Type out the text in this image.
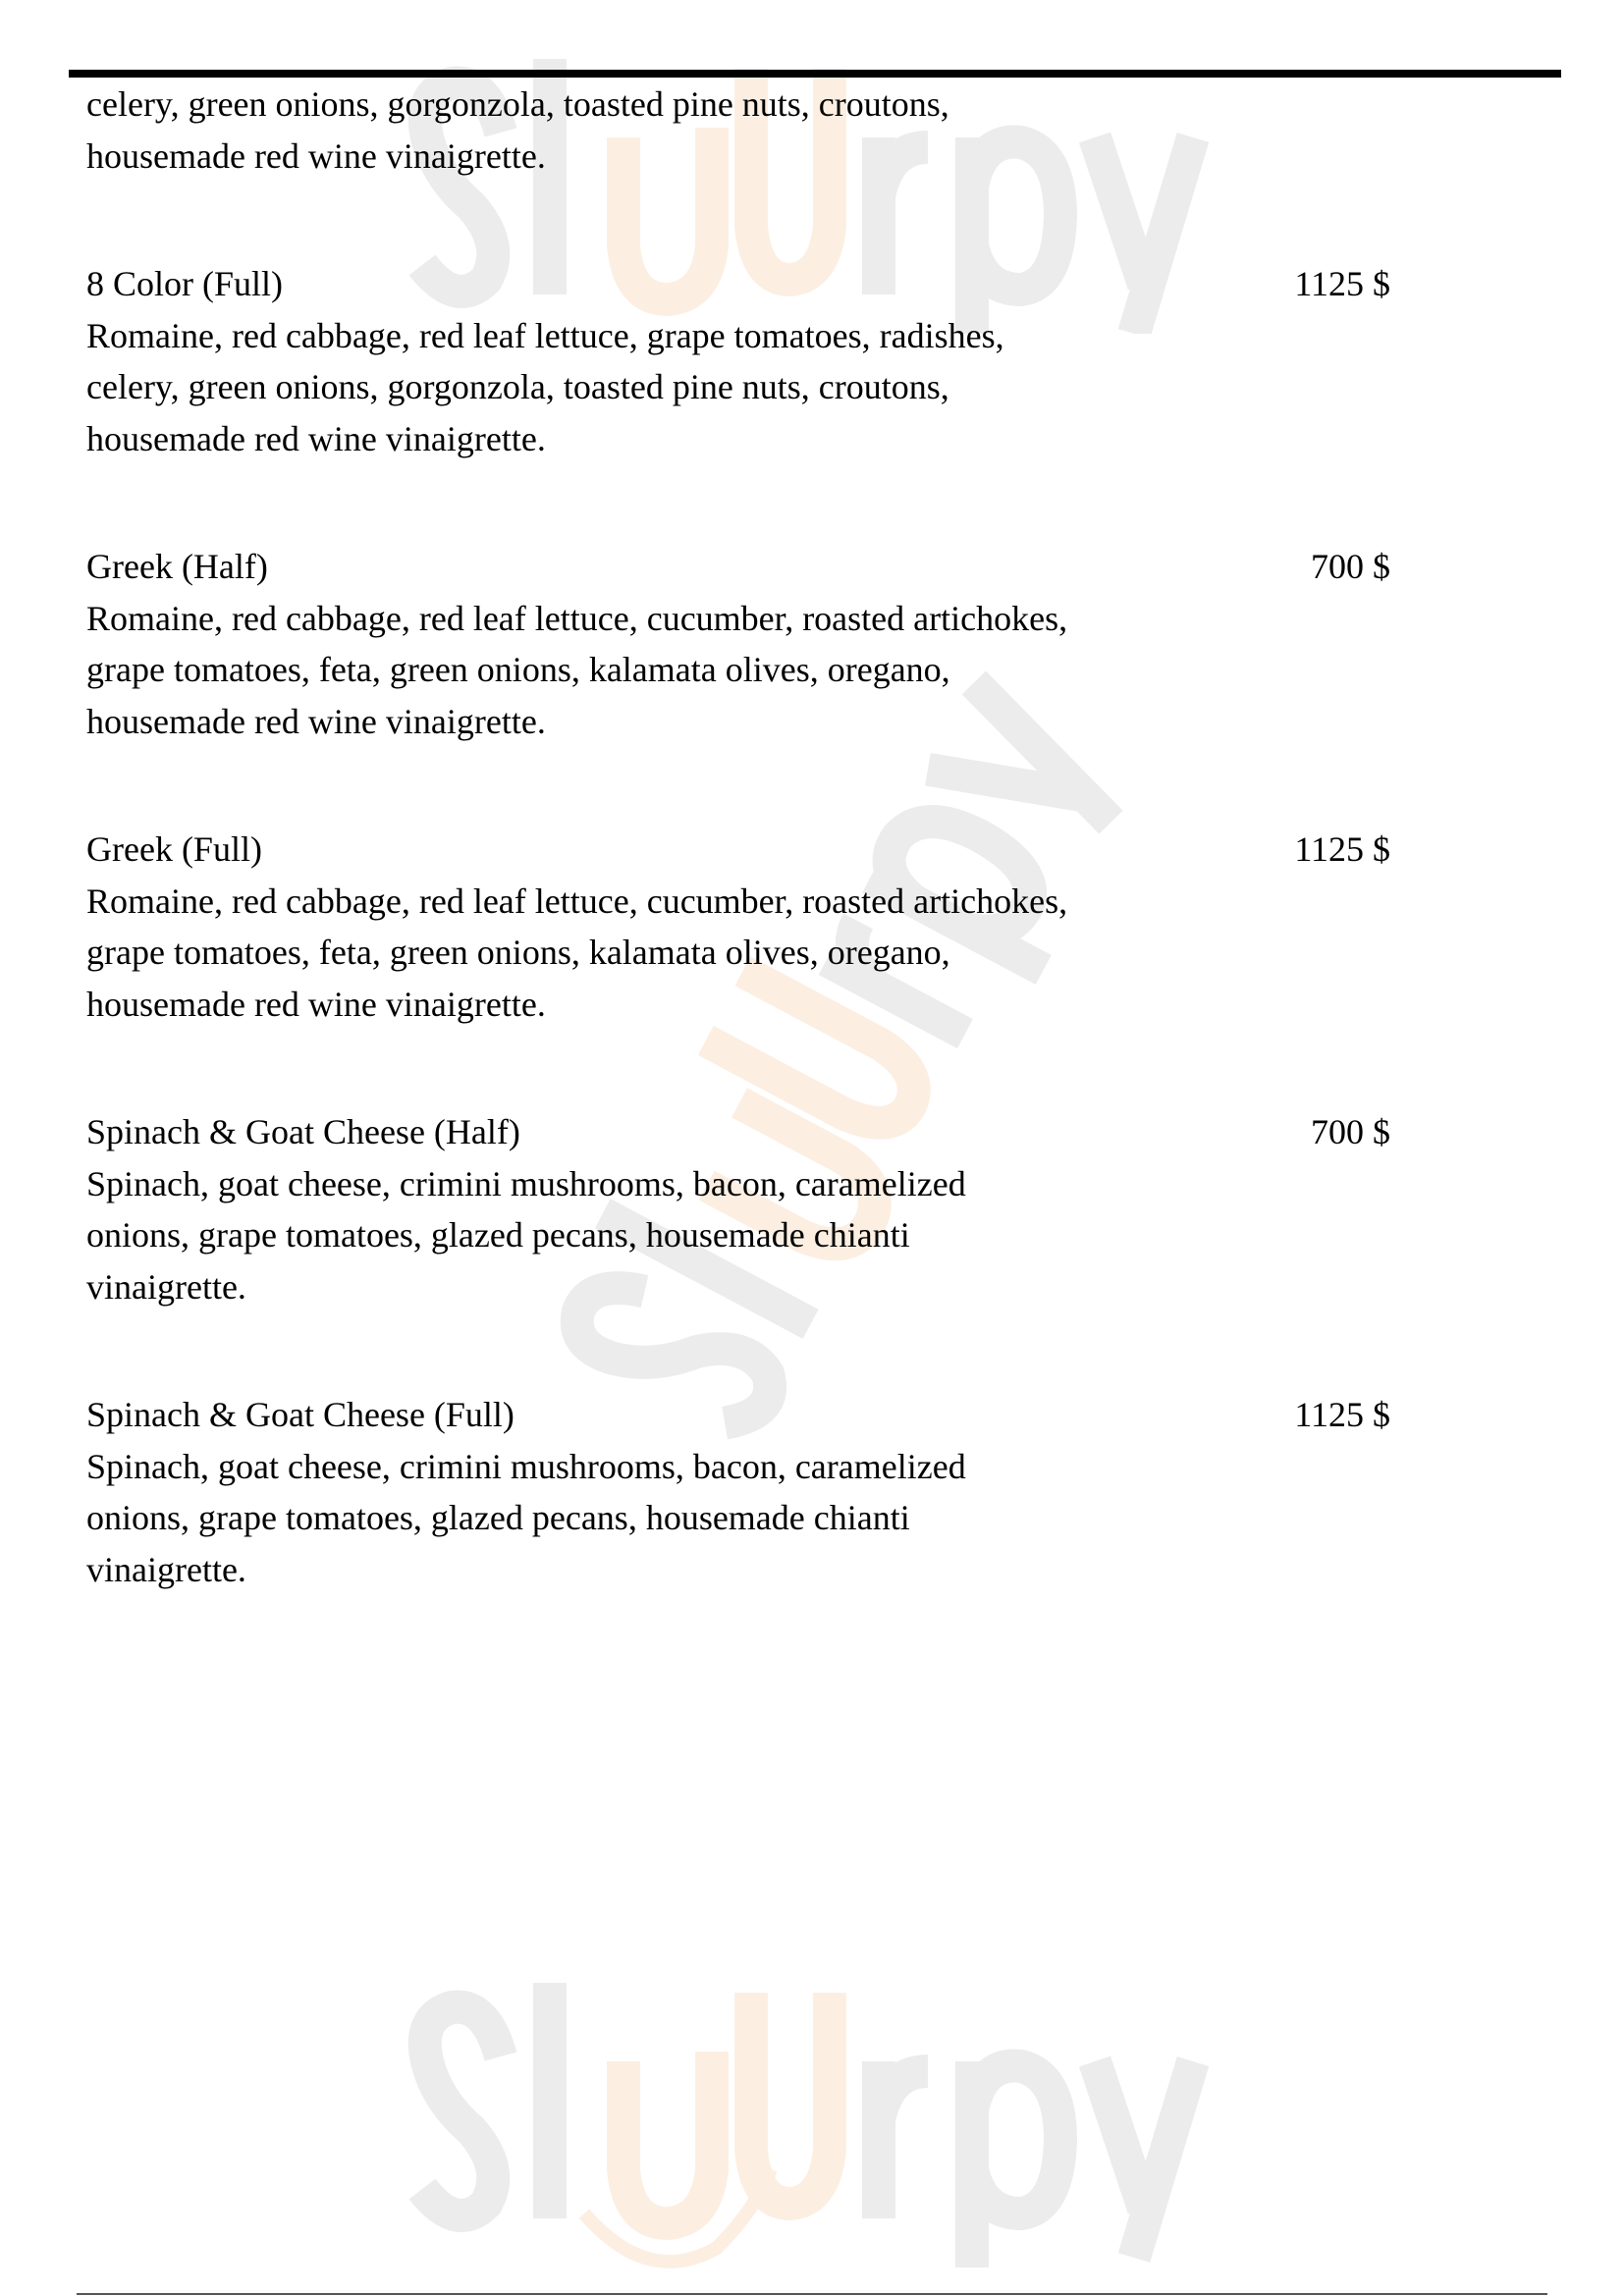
celery, green onions, gorgonzola, toasted pine nuts, croutons,
housemade red wine vinaigrette.
8 Color (Full)	1125 $
Romaine, red cabbage, red leaf lettuce, grape tomatoes, radishes,
celery, green onions, gorgonzola, toasted pine nuts, croutons,
housemade red wine vinaigrette.
Greek (Half)	700 $
Romaine, red cabbage, red leaf lettuce, cucumber, roasted artichokes,
grape tomatoes, feta, green onions, kalamata olives, oregano,
housemade red wine vinaigrette.
Greek (Full)	1125 $
Romaine, red cabbage, red leaf lettuce, cucumber, roasted artichokes,
grape tomatoes, feta, green onions, kalamata olives, oregano,
housemade red wine vinaigrette.
Spinach & Goat Cheese (Half)	700 $
Spinach, goat cheese, crimini mushrooms, bacon, caramelized
onions, grape tomatoes, glazed pecans, housemade chianti
vinaigrette.
Spinach & Goat Cheese (Full)	1125 $
Spinach, goat cheese, crimini mushrooms, bacon, caramelized
onions, grape tomatoes, glazed pecans, housemade chianti
vinaigrette.
